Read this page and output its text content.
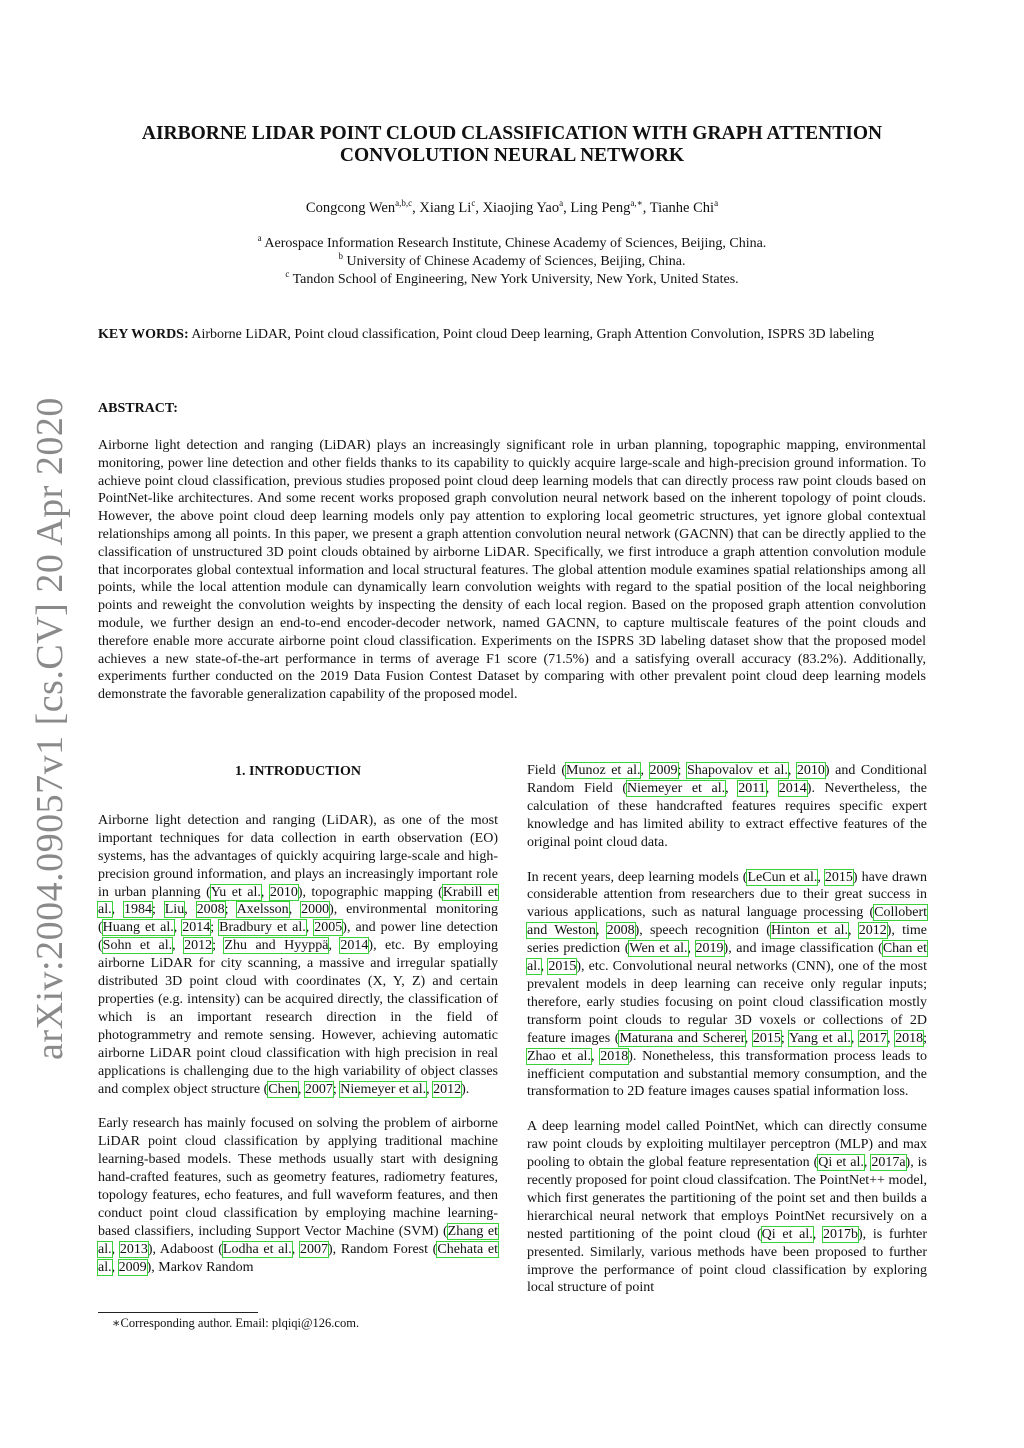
arXiv:2004.09057v1 [cs.CV] 20 Apr 2020
AIRBORNE LIDAR POINT CLOUD CLASSIFICATION WITH GRAPH ATTENTION
CONVOLUTION NEURAL NETWORK
Congcong Wen$^{a,b,c}$, Xiang Li$^c$, Xiaojing Yao$^a$, Ling Peng$^{a,∗}$, Tianhe Chi$^a$
$^a$ Aerospace Information Research Institute, Chinese Academy of Sciences, Beijing, China.
$^b$ University of Chinese Academy of Sciences, Beijing, China.
$^c$ Tandon School of Engineering, New York University, New York, United States.
KEY WORDS: Airborne LiDAR, Point cloud classification, Point cloud Deep learning, Graph Attention Convolution, ISPRS 3D labeling
ABSTRACT:

Airborne light detection and ranging (LiDAR) plays an increasingly significant role in urban planning, topographic mapping, environmental monitoring, power line detection and other fields thanks to its capability to quickly acquire large-scale and high-precision ground information. To achieve point cloud classification, previous studies proposed point cloud deep learning models that can directly process raw point clouds based on PointNet-like architectures. And some recent works proposed graph convolution neural network based on the inherent topology of point clouds. However, the above point cloud deep learning models only pay attention to exploring local geometric structures, yet ignore global contextual relationships among all points. In this paper, we present a graph attention convolution neural network (GACNN) that can be directly applied to the classification of unstructured 3D point clouds obtained by airborne LiDAR. Specifically, we first introduce a graph attention convolution module that incorporates global contextual information and local structural features. The global attention module examines spatial relationships among all points, while the local attention module can dynamically learn convolution weights with regard to the spatial position of the local neighboring points and reweight the convolution weights by inspecting the density of each local region. Based on the proposed graph attention convolution module, we further design an end-to-end encoder-decoder network, named GACNN, to capture multiscale features of the point clouds and therefore enable more accurate airborne point cloud classification. Experiments on the ISPRS 3D labeling dataset show that the proposed model achieves a new state-of-the-art performance in terms of average F1 score (71.5%) and a satisfying overall accuracy (83.2%). Additionally, experiments further conducted on the 2019 Data Fusion Contest Dataset by comparing with other prevalent point cloud deep learning models demonstrate the favorable generalization capability of the proposed model.

1. INTRODUCTION

Airborne light detection and ranging (LiDAR), as one of the most important techniques for data collection in earth observation (EO) systems, has the advantages of quickly acquiring large-scale and high-precision ground information, and plays an increasingly important role in urban planning (Yu et al., 2010), topographic mapping (Krabill et al., 1984; Liu, 2008; Axelsson, 2000), environmental monitoring (Huang et al., 2014; Bradbury et al., 2005), and power line detection (Sohn et al., 2012; Zhu and Hyyppä, 2014), etc. By employing airborne LiDAR for city scanning, a massive and irregular spatially distributed 3D point cloud with coordinates (X, Y, Z) and certain properties (e.g. intensity) can be acquired directly, the classification of which is an important research direction in the field of photogrammetry and remote sensing. However, achieving automatic airborne LiDAR point cloud classification with high precision in real applications is challenging due to the high variability of object classes and complex object structure (Chen, 2007; Niemeyer et al., 2012).

Early research has mainly focused on solving the problem of airborne LiDAR point cloud classification by applying traditional machine learning-based models. These methods usually start with designing hand-crafted features, such as geometry features, radiometry features, topology features, echo features, and full waveform features, and then conduct point cloud classification by employing machine learning-based classifiers, including Support Vector Machine (SVM) (Zhang et al., 2013), Adaboost (Lodha et al., 2007), Random Forest (Chehata et al., 2009), Markov Random

Field (Munoz et al., 2009; Shapovalov et al., 2010) and Conditional Random Field (Niemeyer et al., 2011, 2014). Nevertheless, the calculation of these handcrafted features requires specific expert knowledge and has limited ability to extract effective features of the original point cloud data.

In recent years, deep learning models (LeCun et al., 2015) have drawn considerable attention from researchers due to their great success in various applications, such as natural language processing (Collobert and Weston, 2008), speech recognition (Hinton et al., 2012), time series prediction (Wen et al., 2019), and image classification (Chan et al., 2015), etc. Convolutional neural networks (CNN), one of the most prevalent models in deep learning can receive only regular inputs; therefore, early studies focusing on point cloud classification mostly transform point clouds to regular 3D voxels or collections of 2D feature images (Maturana and Scherer, 2015; Yang et al., 2017, 2018; Zhao et al., 2018). Nonetheless, this transformation process leads to inefficient computation and substantial memory consumption, and the transformation to 2D feature images causes spatial information loss.

A deep learning model called PointNet, which can directly consume raw point clouds by exploiting multilayer perceptron (MLP) and max pooling to obtain the global feature representation (Qi et al., 2017a), is recently proposed for point cloud classifcation. The PointNet++ model, which first generates the partitioning of the point set and then builds a hierarchical neural network that employs PointNet recursively on a nested partitioning of the point cloud (Qi et al., 2017b), is furhter presented. Similarly, various methods have been proposed to further improve the performance of point cloud classification by exploring local structure of point

∗Corresponding author. Email: plqiqi@126.com.
